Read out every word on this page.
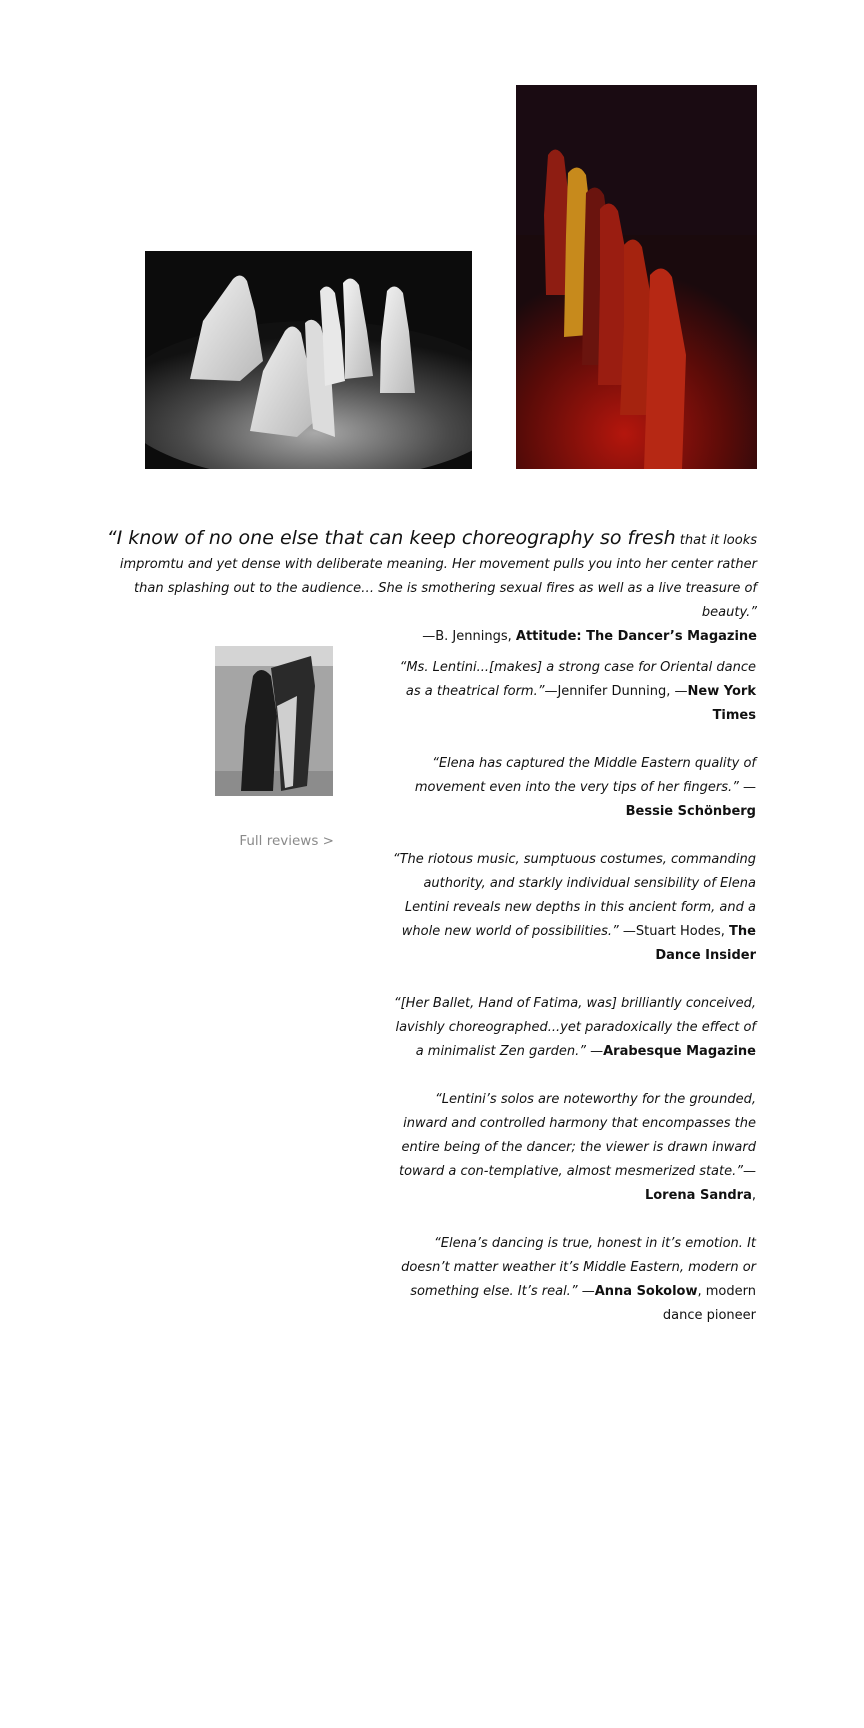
“I know of no one else that can keep choreography so fresh that it looks impromtu and yet dense with deliberate meaning. Her movement pulls you into her center rather than splashing out to the audience… She is smothering sexual fires as well as a live treasure of beauty.”
—B. Jennings, Attitude: The Dancer’s Magazine
Full reviews >

“Ms. Lentini...[makes] a strong case for Oriental dance as a theatrical form.”—Jennifer Dunning, —New York Times

“Elena has captured the Middle Eastern quality of movement even into the very tips of her fingers.” —Bessie Schönberg

“The riotous music, sumptuous costumes, commanding authority, and starkly individual sensibility of Elena Lentini reveals new depths in this ancient form, and a whole new world of possibilities.” —Stuart Hodes, The Dance Insider

“[Her Ballet, Hand of Fatima, was] brilliantly conceived, lavishly choreographed...yet paradoxically the effect of a minimalist Zen garden.” —Arabesque Magazine

“Lentini’s solos are noteworthy for the grounded, inward and controlled harmony that encompasses the entire being of the dancer; the viewer is drawn inward toward a con-templative, almost mesmerized state.”—Lorena Sandra,

“Elena’s dancing is true, honest in it’s emotion. It doesn’t matter weather it’s Middle Eastern, modern or something else. It’s real.” —Anna Sokolow, modern dance pioneer
